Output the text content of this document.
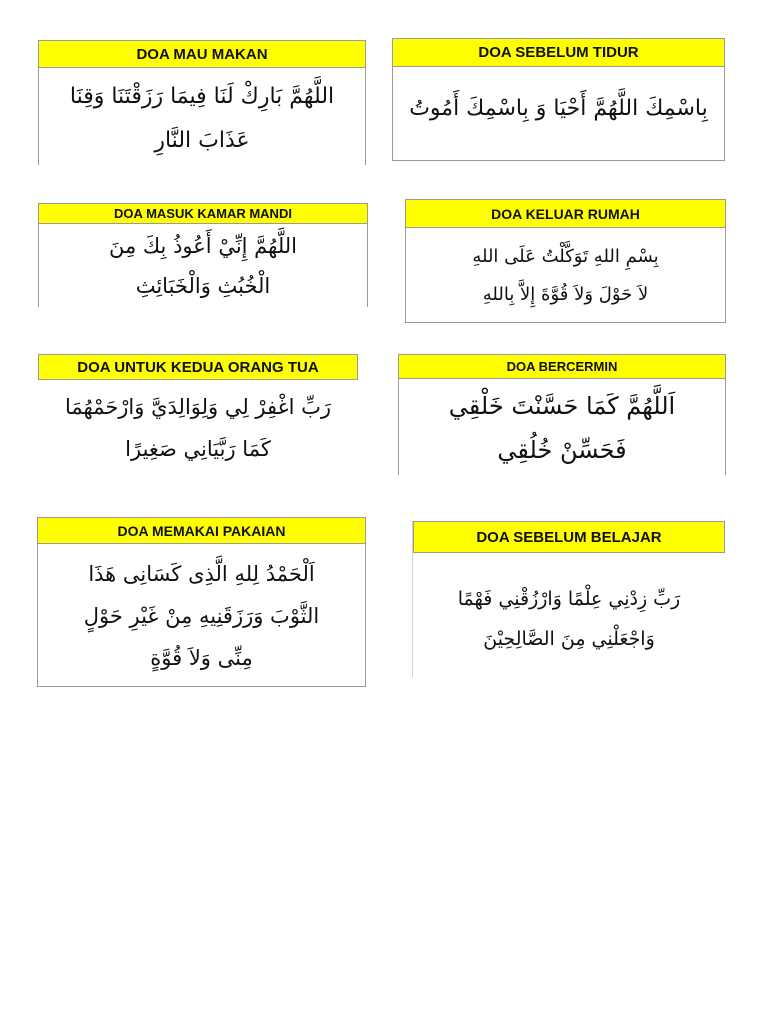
DOA MAU MAKAN
اللَّهُمَّ بَارِكْ لَنَا فِيمَا رَزَقْتَنَا وَقِنَا
عَذَابَ النَّارِ
DOA SEBELUM TIDUR
بِاسْمِكَ اللَّهُمَّ أَحْيَا وَ بِاسْمِكَ أَمُوتُ
DOA MASUK KAMAR MANDI
اللَّهُمَّ إِنِّيْ أَعُوذُ بِكَ مِنَ
الْخُبُثِ وَالْخَبَائِثِ
DOA KELUAR RUMAH
بِسْمِ اللهِ تَوَكَّلْتُ عَلَى اللهِ
لاَ حَوْلَ وَلاَ قُوَّةَ إِلاَّ بِاللهِ
DOA UNTUK KEDUA ORANG TUA
رَبِّ اغْفِرْ لِي وَلِوَالِدَيَّ وَارْحَمْهُمَا
كَمَا رَبَّيَانِي صَغِيرًا
DOA BERCERMIN
اَللَّهُمَّ كَمَا حَسَّنْتَ خَلْقِي
فَحَسِّنْ خُلُقِي
DOA MEMAKAI PAKAIAN
اَلْحَمْدُ لِلهِ الَّذِى كَسَانِى هَذَا
الثَّوْبَ وَرَزَقَنِيهِ مِنْ غَيْرِ حَوْلٍ
مِنِّى وَلاَ قُوَّةٍ
DOA SEBELUM BELAJAR
رَبِّ زِدْنِي عِلْمًا وَارْزُقْنِي فَهْمًا
وَاجْعَلْنِي مِنَ الصَّالِحِيْنَ
